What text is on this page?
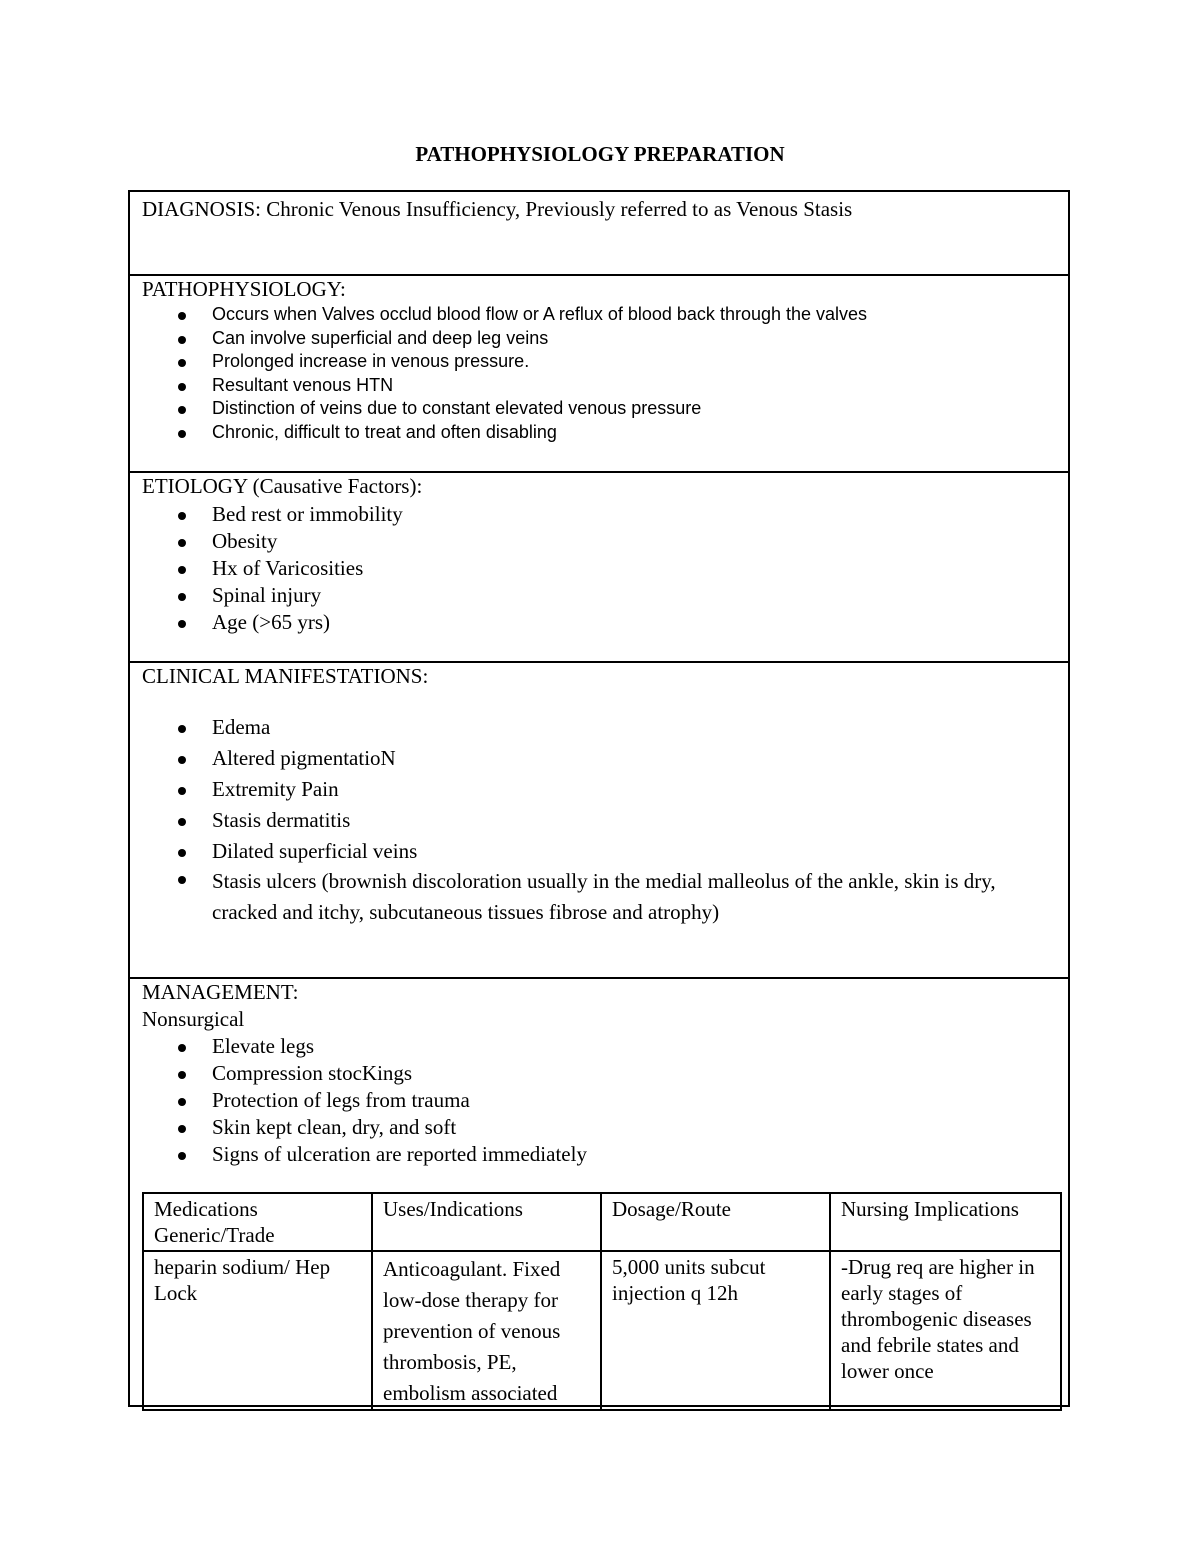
PATHOPHYSIOLOGY PREPARATION
DIAGNOSIS: Chronic Venous Insufficiency, Previously referred to as Venous Stasis
PATHOPHYSIOLOGY:
Occurs when Valves occlud blood flow or A reflux of blood back through the valves
Can involve superficial and deep leg veins
Prolonged increase in venous pressure.
Resultant venous HTN
Distinction of veins due to constant elevated venous pressure
Chronic, difficult to treat and often disabling
ETIOLOGY (Causative Factors):
Bed rest or immobility
Obesity
Hx of Varicosities
Spinal injury
Age (>65 yrs)
CLINICAL MANIFESTATIONS:
Edema
Altered pigmentatioN
Extremity Pain
Stasis dermatitis
Dilated superficial veins
Stasis ulcers (brownish discoloration usually in the medial malleolus of the ankle, skin is dry, cracked and itchy, subcutaneous tissues fibrose and atrophy)
MANAGEMENT:
Nonsurgical
Elevate legs
Compression stocKings
Protection of legs from trauma
Skin kept clean, dry, and soft
Signs of ulceration are reported immediately
Medications Generic/Trade	Uses/Indications	Dosage/Route	Nursing Implications

heparin sodium/ Hep Lock	Anticoagulant. Fixed low-dose therapy for prevention of venous thrombosis, PE, embolism associated	5,000 units subcut injection q 12h	-Drug req are higher in early stages of thrombogenic diseases and febrile states and lower once
